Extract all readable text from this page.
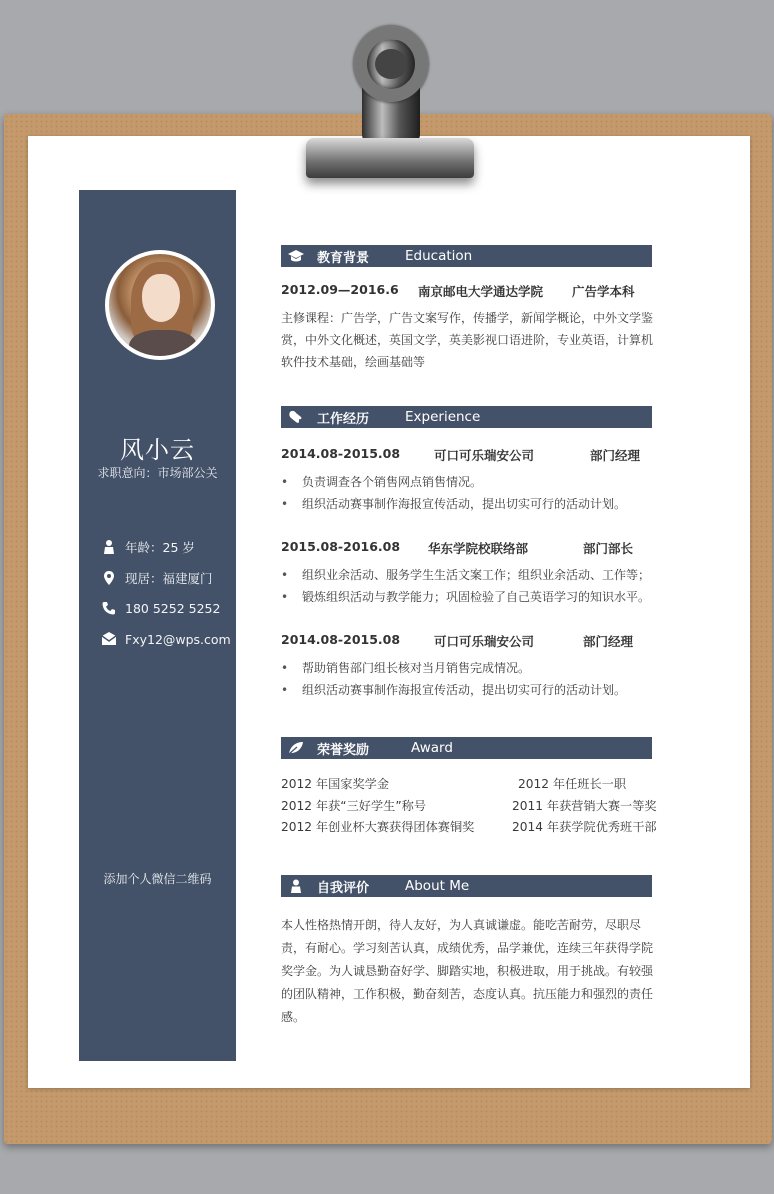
风小云
求职意向：市场部公关
年龄：25 岁
现居：福建厦门
180 5252 5252
Fxy12@wps.com
添加个人微信二维码
教育背景	Education
2012.09—2016.6	南京邮电大学通达学院	广告学本科
主修课程：广告学，广告文案写作，传播学，新闻学概论，中外文学鉴赏，中外文化概述，英国文学，英美影视口语进阶，专业英语，计算机软件技术基础，绘画基础等
工作经历	Experience
2014.08-2015.08	可口可乐瑞安公司	部门经理
• 负责调查各个销售网点销售情况。
• 组织活动赛事制作海报宣传活动，提出切实可行的活动计划。
2015.08-2016.08	华东学院校联络部	部门部长
• 组织业余活动、服务学生生活文案工作；组织业余活动、工作等；
• 锻炼组织活动与教学能力；巩固检验了自己英语学习的知识水平。
2014.08-2015.08	可口可乐瑞安公司	部门经理
• 帮助销售部门组长核对当月销售完成情况。
• 组织活动赛事制作海报宣传活动，提出切实可行的活动计划。
荣誉奖励	Award
2012 年国家奖学金	2012 年任班长一职
2012 年获“三好学生”称号	2011 年获营销大赛一等奖
2012 年创业杯大赛获得团体赛铜奖	2014 年获学院优秀班干部
自我评价	About Me
本人性格热情开朗，待人友好，为人真诚谦虚。能吃苦耐劳，尽职尽责，有耐心。学习刻苦认真，成绩优秀，品学兼优，连续三年获得学院奖学金。为人诚恳勤奋好学、脚踏实地，积极进取，用于挑战。有较强的团队精神，工作积极，勤奋刻苦，态度认真。抗压能力和强烈的责任感。
